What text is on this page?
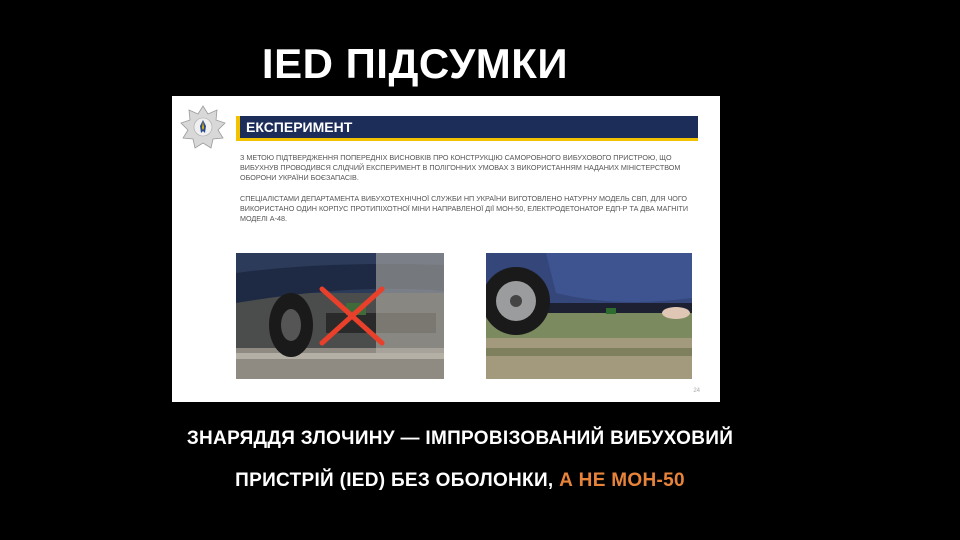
IED ПІДСУМКИ
ЕКСПЕРИМЕНТ
З МЕТОЮ ПІДТВЕРДЖЕННЯ ПОПЕРЕДНІХ ВИСНОВКІВ ПРО КОНСТРУКЦІЮ САМОРОБНОГО ВИБУХОВОГО ПРИСТРОЮ, ЩО ВИБУХНУВ ПРОВОДИВСЯ СЛІДЧИЙ ЕКСПЕРИМЕНТ В ПОЛІГОННИХ УМОВАХ З ВИКОРИСТАННЯМ НАДАНИХ МІНІСТЕРСТВОМ ОБОРОНИ УКРАЇНИ БОЄЗАПАСІВ.
СПЕЦІАЛІСТАМИ ДЕПАРТАМЕНТА ВИБУХОТЕХНІЧНОЇ СЛУЖБИ НП УКРАЇНИ ВИГОТОВЛЕНО НАТУРНУ МОДЕЛЬ СВП, ДЛЯ ЧОГО ВИКОРИСТАНО ОДИН КОРПУС ПРОТИПІХОТНОЇ МІНИ НАПРАВЛЕНОЇ ДІЇ МОН-50, ЕЛЕКТРОДЕТОНАТОР ЕДП-Р ТА ДВА МАГНІТИ МОДЕЛІ А-48.
24
ЗНАРЯДДЯ ЗЛОЧИНУ — ІМПРОВІЗОВАНИЙ ВИБУХОВИЙ
ПРИСТРІЙ (IED) БЕЗ ОБОЛОНКИ, А НЕ МОН-50
